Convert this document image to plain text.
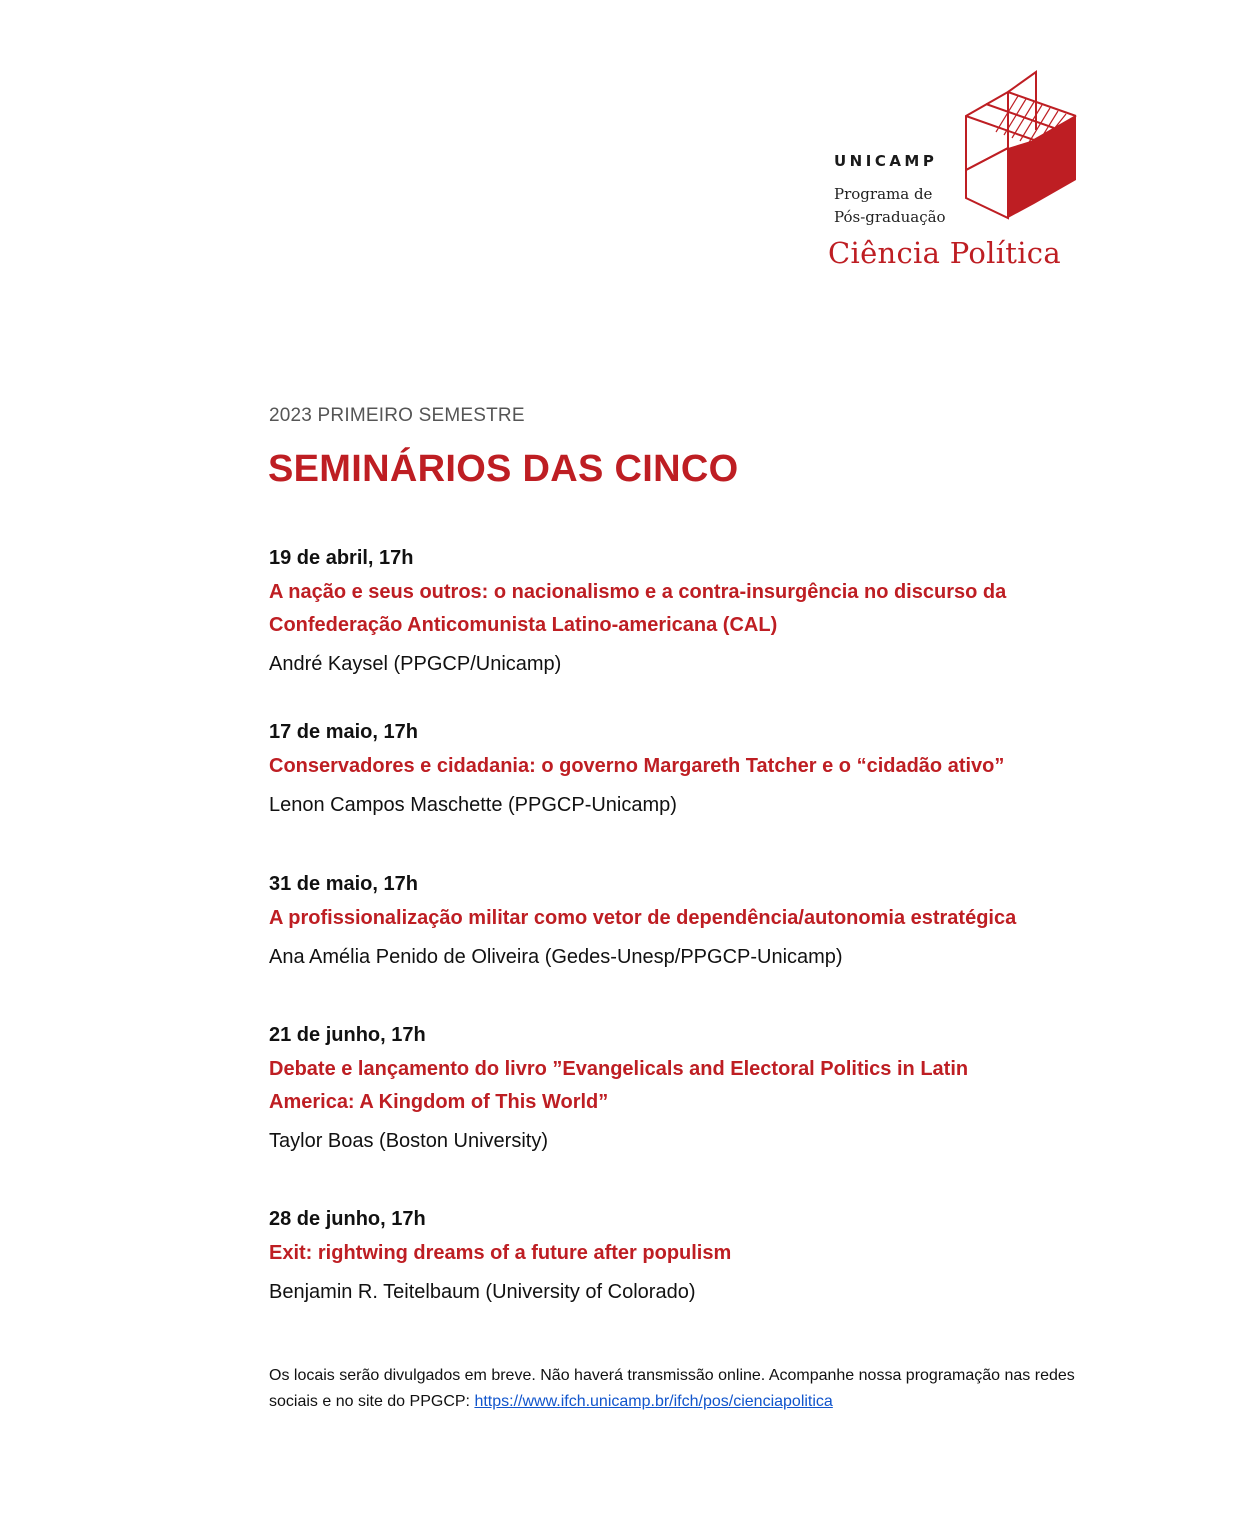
UNICAMP
Programa de
Pós-graduação
Ciência Política
2023 PRIMEIRO SEMESTRE
SEMINÁRIOS DAS CINCO
19 de abril, 17h
A nação e seus outros: o nacionalismo e a contra-insurgência no discurso da Confederação Anticomunista Latino-americana (CAL)
André Kaysel (PPGCP/Unicamp)
17 de maio, 17h
Conservadores e cidadania: o governo Margareth Tatcher e o “cidadão ativo”
Lenon Campos Maschette (PPGCP-Unicamp)
31 de maio, 17h
A profissionalização militar como vetor de dependência/autonomia estratégica
Ana Amélia Penido de Oliveira (Gedes-Unesp/PPGCP-Unicamp)
21 de junho, 17h
Debate e lançamento do livro ”Evangelicals and Electoral Politics in Latin America: A Kingdom of This World”
Taylor Boas (Boston University)
28 de junho, 17h
Exit: rightwing dreams of a future after populism
Benjamin R. Teitelbaum (University of Colorado)
Os locais serão divulgados em breve. Não haverá transmissão online. Acompanhe nossa programação nas redes sociais e no site do PPGCP: https://www.ifch.unicamp.br/ifch/pos/cienciapolitica
